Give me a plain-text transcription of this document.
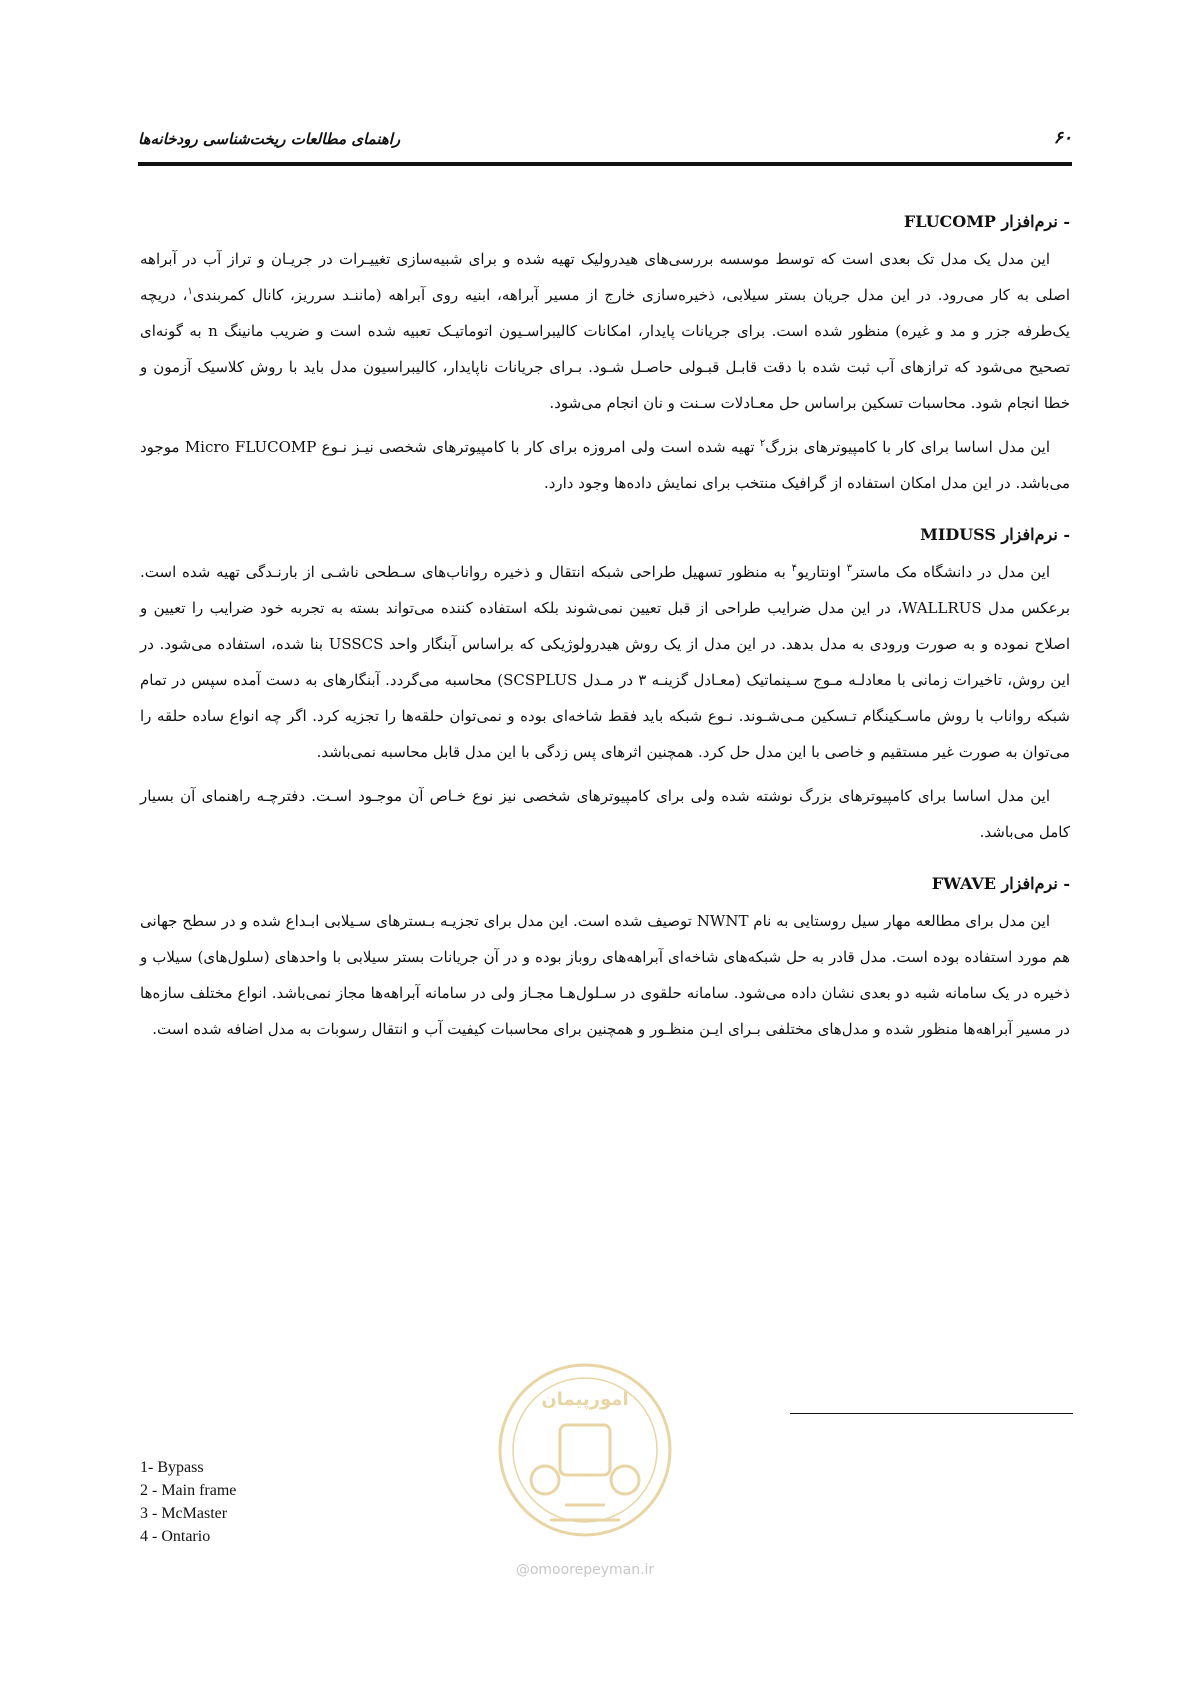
۶۰
راهنمای مطالعات ریخت‌شناسی رودخانه‌ها
- نرم‌افزار FLUCOMP

این مدل یک مدل تک بعدی است که توسط موسسه بررسی‌های هیدرولیک تهیه شده و برای شبیه‌سازی تغییـرات در جریـان و تراز آب در آبراهه اصلی به کار می‌رود. در این مدل جریان بستر سیلابی، ذخیره‌سازی خارج از مسیر آبراهه، ابنیه روی آبراهه (ماننـد سرریز، کانال کمربندی$^۱$، دریچه یک‌طرفه جزر و مد و غیره) منظور شده است. برای جریانات پایدار، امکانات کالیبراسـیون اتوماتیـک تعبیه شده است و ضریب مانینگ n به گونه‌ای تصحیح می‌شود که ترازهای آب ثبت شده با دقت قابـل قبـولی حاصـل شـود. بـرای جریانات ناپایدار، کالیبراسیون مدل باید با روش کلاسیک آزمون و خطا انجام شود. محاسبات تسکین براساس حل معـادلات سـنت و نان انجام می‌شود.

این مدل اساسا برای کار با کامپیوترهای بزرگ$^۲$ تهیه شده است ولی امروزه برای کار با کامپیوترهای شخصی نیـز نـوع Micro FLUCOMP موجود می‌باشد. در این مدل امکان استفاده از گرافیک منتخب برای نمایش داده‌ها وجود دارد.

- نرم‌افزار MIDUSS

این مدل در دانشگاه مک ماستر$^۳$ اونتاریو$^۴$ به منظور تسهیل طراحی شبکه انتقال و ذخیره رواناب‌های سـطحی ناشـی از بارنـدگی تهیه شده است. برعکس مدل WALLRUS، در این مدل ضرایب طراحی از قبل تعیین نمی‌شوند بلکه استفاده کننده می‌تواند بسته به تجربه خود ضرایب را تعیین و اصلاح نموده و به صورت ورودی به مدل بدهد. در این مدل از یک روش هیدرولوژیکی که براساس آبنگار واحد USSCS بنا شده، استفاده می‌شود. در این روش، تاخیرات زمانی با معادلـه مـوج سـینماتیک (معـادل گزینـه ۳ در مـدل SCSPLUS) محاسبه می‌گردد. آبنگارهای به دست آمده سپس در تمام شبکه رواناب با روش ماسـکینگام تـسکین مـی‌شـوند. نـوع شبکه باید فقط شاخه‌ای بوده و نمی‌توان حلقه‌ها را تجزیه کرد. اگر چه انواع ساده حلقه را می‌توان به صورت غیر مستقیم و خاصی با این مدل حل کرد. همچنین اثرهای پس زدگی با این مدل قابل محاسبه نمی‌باشد.

این مدل اساسا برای کامپیوترهای بزرگ نوشته شده ولی برای کامپیوترهای شخصی نیز نوع خـاص آن موجـود اسـت. دفترچـه راهنمای آن بسیار کامل می‌باشد.

- نرم‌افزار FWAVE

این مدل برای مطالعه مهار سیل روستایی به نام NWNT توصیف شده است. این مدل برای تجزیـه بـسترهای سـیلابی ابـداع شده و در سطح جهانی هم مورد استفاده بوده است. مدل قادر به حل شبکه‌های شاخه‌ای آبراهه‌های روباز بوده و در آن جریانات بستر سیلابی با واحدهای (سلول‌های) سیلاب و ذخیره در یک سامانه شبه دو بعدی نشان داده می‌شود. سامانه حلقوی در سـلول‌هـا مجـاز ولی در سامانه آبراهه‌ها مجاز نمی‌باشد. انواع مختلف سازه‌ها در مسیر آبراهه‌ها منظور شده و مدل‌های مختلفی بـرای ایـن منظـور و همچنین برای محاسبات کیفیت آب و انتقال رسوبات به مدل اضافه شده است.

امورپیمان
@omoorepeyman.ir
1- Bypass
2 - Main frame
3 - McMaster
4 - Ontario
